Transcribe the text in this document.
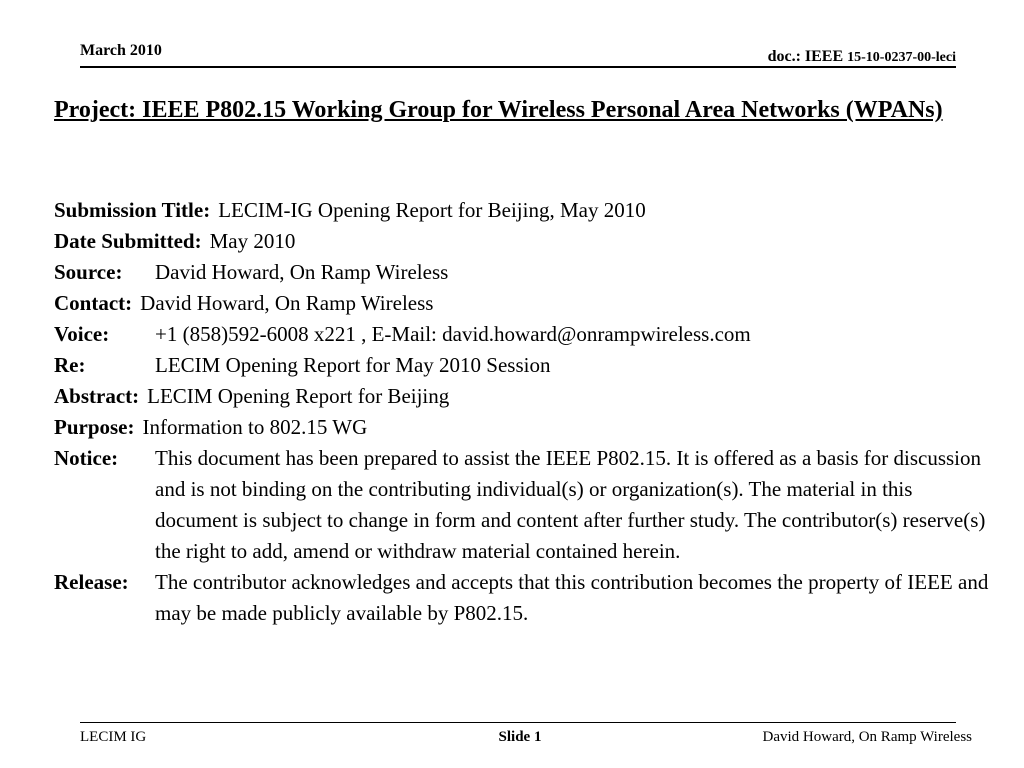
March 2010	doc.: IEEE 15-10-0237-00-leci
Project: IEEE P802.15 Working Group for Wireless Personal Area Networks (WPANs)
Submission Title: LECIM-IG Opening Report for Beijing, May 2010
Date Submitted: May 2010
Source: David Howard, On Ramp Wireless
Contact: David Howard, On Ramp Wireless
Voice: +1 (858)592-6008 x221 , E-Mail: david.howard@onrampwireless.com
Re:	LECIM Opening Report for May 2010 Session
Abstract: LECIM Opening Report for Beijing
Purpose: Information to 802.15 WG
Notice: This document has been prepared to assist the IEEE P802.15. It is offered as a basis for discussion and is not binding on the contributing individual(s) or organization(s). The material in this document is subject to change in form and content after further study. The contributor(s) reserve(s) the right to add, amend or withdraw material contained herein.
Release: The contributor acknowledges and accepts that this contribution becomes the property of IEEE and may be made publicly available by P802.15.
LECIM IG	Slide 1	David Howard, On Ramp Wireless
